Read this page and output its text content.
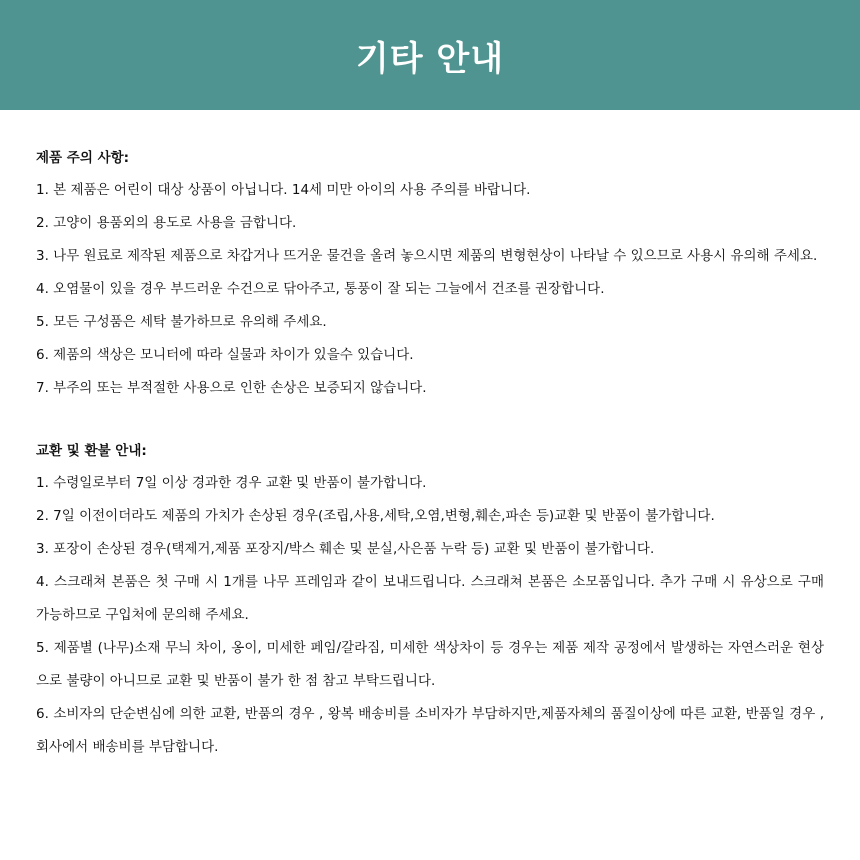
기타 안내

제품 주의 사항:

1. 본 제품은 어린이 대상 상품이 아닙니다. 14세 미만 아이의 사용 주의를 바랍니다.
2. 고양이 용품외의 용도로 사용을 금합니다.
3. 나무 원료로 제작된 제품으로 차갑거나 뜨거운 물건을 올려 놓으시면 제품의 변형현상이 나타날 수 있으므로 사용시 유의해 주세요.
4. 오염물이 있을 경우 부드러운 수건으로 닦아주고, 통풍이 잘 되는 그늘에서 건조를 권장합니다.
5. 모든 구성품은 세탁 불가하므로 유의해 주세요.
6. 제품의 색상은 모니터에 따라 실물과 차이가 있을수 있습니다.
7. 부주의 또는 부적절한 사용으로 인한 손상은 보증되지 않습니다.

교환 및 환불 안내:

1. 수령일로부터 7일 이상 경과한 경우 교환 및 반품이 불가합니다.
2. 7일 이전이더라도 제품의 가치가 손상된 경우(조립,사용,세탁,오염,변형,훼손,파손 등)교환 및 반품이 불가합니다.
3. 포장이 손상된 경우(택제거,제품 포장지/박스 훼손 및 분실,사은품 누락 등) 교환 및 반품이 불가합니다.
4. 스크래쳐 본품은 첫 구매 시 1개를 나무 프레임과 같이 보내드립니다. 스크래쳐 본품은 소모품입니다. 추가 구매 시 유상으로 구매 가능하므로 구입처에 문의해 주세요.
5. 제품별 (나무)소재 무늬 차이, 옹이, 미세한 페임/갈라짐, 미세한 색상차이 등 경우는 제품 제작 공정에서 발생하는 자연스러운 현상으로 불량이 아니므로 교환 및 반품이 불가 한 점 참고 부탁드립니다.
6. 소비자의 단순변심에 의한 교환, 반품의 경우 , 왕복 배송비를 소비자가 부담하지만,제품자체의 품질이상에 따른 교환, 반품일 경우 , 회사에서 배송비를 부담합니다.
